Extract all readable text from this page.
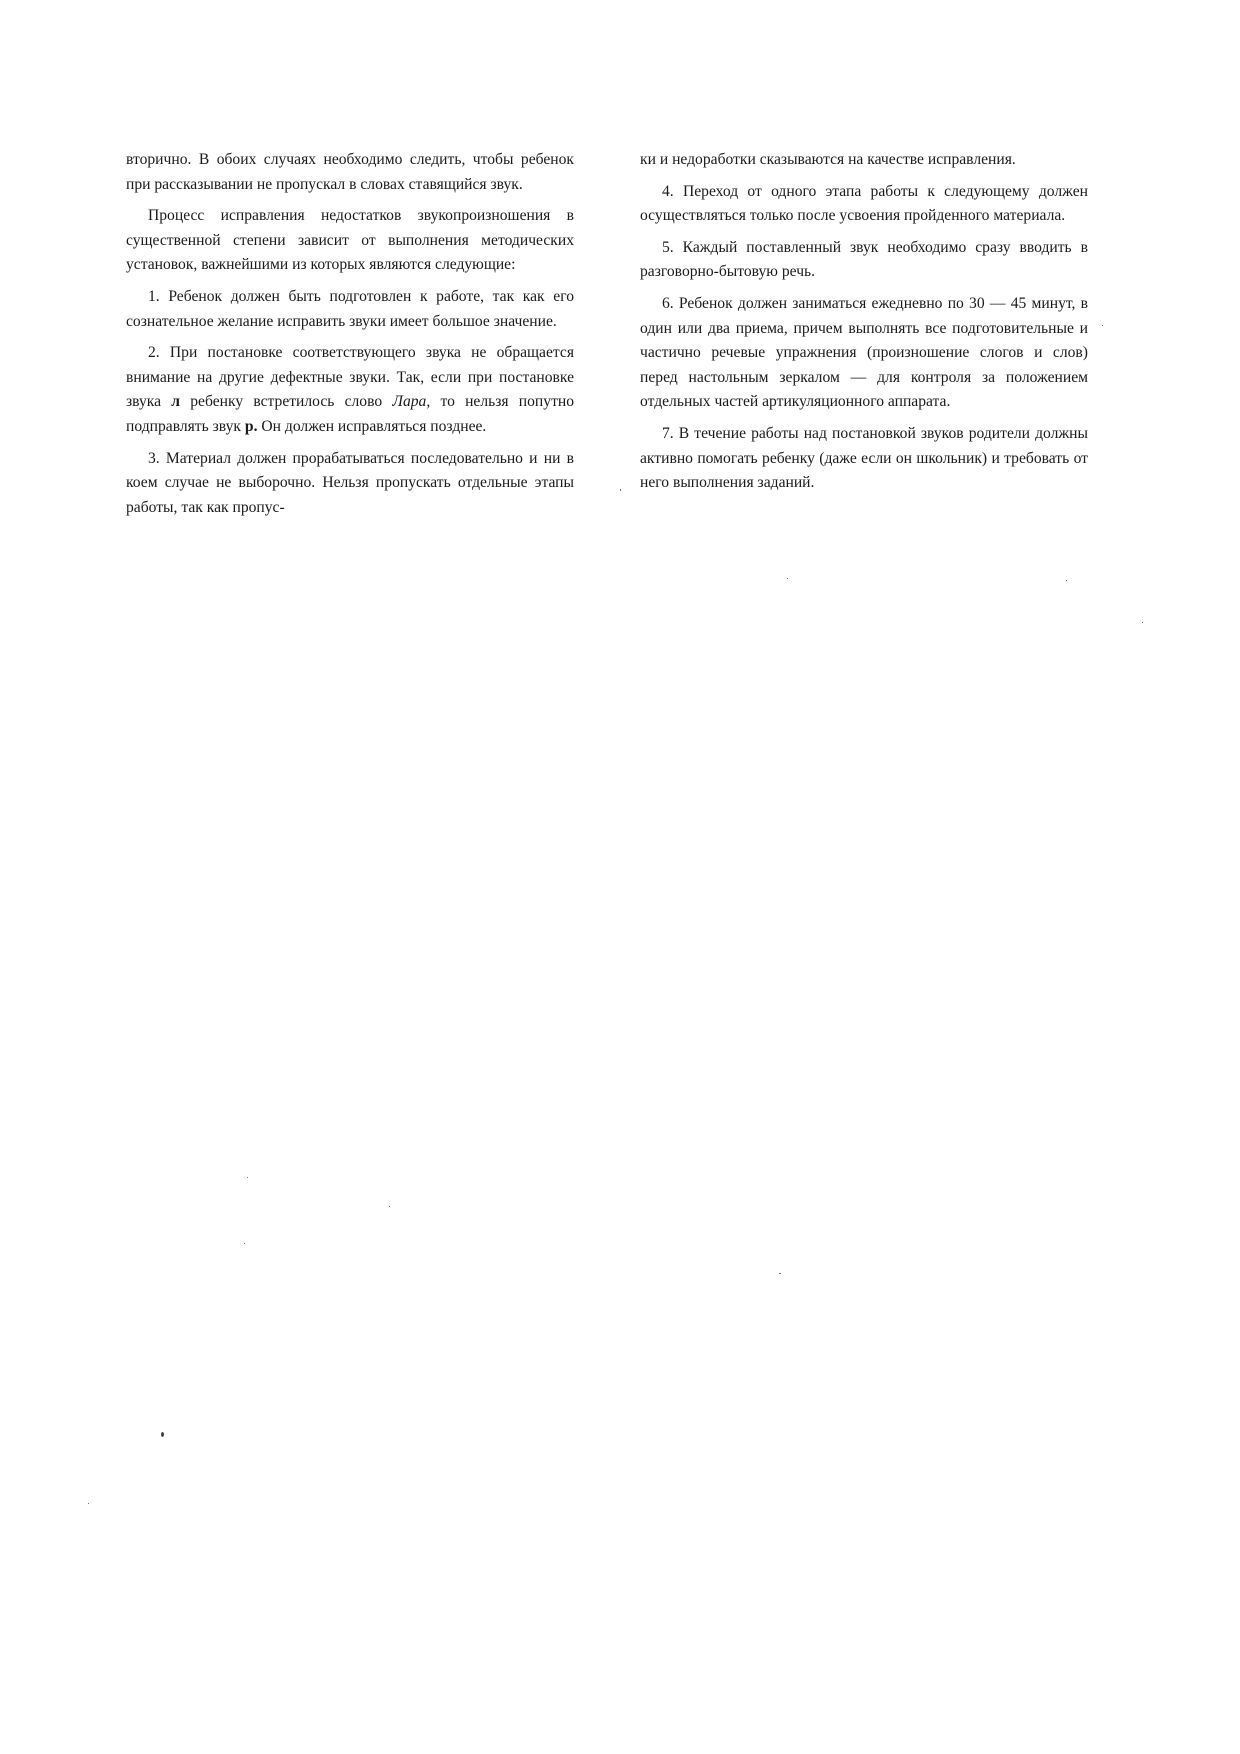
вторично. В обоих случаях необходимо следить, чтобы ребенок при рассказывании не пропускал в словах ставящийся звук.

Процесс исправления недостатков звукопроизношения в существенной степени зависит от выполнения методических установок, важнейшими из которых являются следующие:

1. Ребенок должен быть подготовлен к работе, так как его сознательное желание исправить звуки имеет большое значение.

2. При постановке соответствующего звука не обращается внимание на другие дефектные звуки. Так, если при постановке звука л ребенку встретилось слово Лара, то нельзя попутно подправлять звук р. Он должен исправляться позднее.

3. Материал должен прорабатываться последовательно и ни в коем случае не выборочно. Нельзя пропускать отдельные этапы работы, так как пропус-

ки и недоработки сказываются на качестве исправления.

4. Переход от одного этапа работы к следующему должен осуществляться только после усвоения пройденного материала.

5. Каждый поставленный звук необходимо сразу вводить в разговорно-бытовую речь.

6. Ребенок должен заниматься ежедневно по 30 — 45 минут, в один или два приема, причем выполнять все подготовительные и частично речевые упражнения (произношение слогов и слов) перед настольным зеркалом — для контроля за положением отдельных частей артикуляционного аппарата.

7. В течение работы над постановкой звуков родители должны активно помогать ребенку (даже если он школьник) и требовать от него выполнения заданий.
